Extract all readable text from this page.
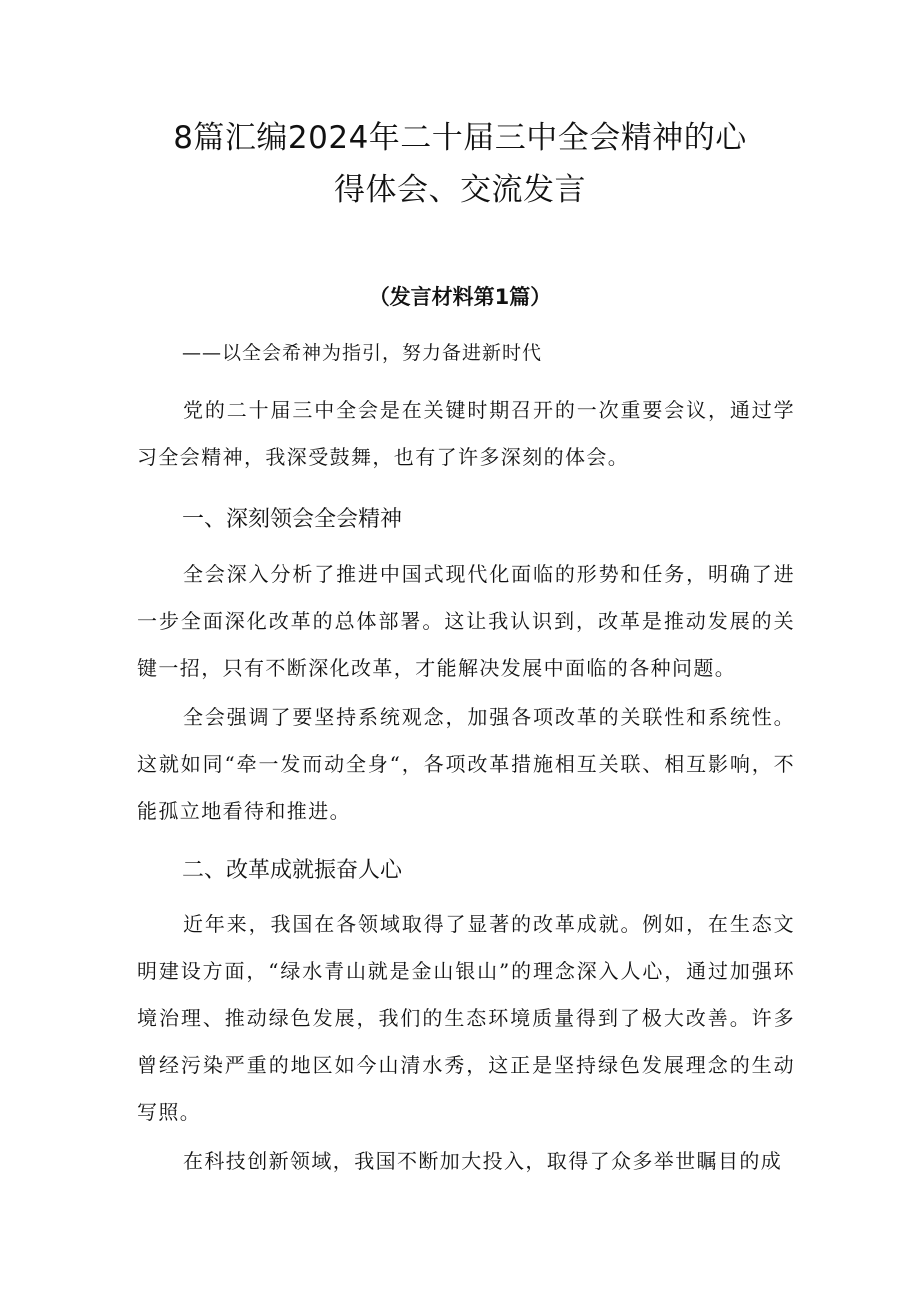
8篇汇编2024年二十届三中全会精神的心
得体会、交流发言
（发言材料第1篇）
——以全会希神为指引，努力备进新时代

党的二十届三中全会是在关键时期召开的一次重要会议，通过学习全会精神，我深受鼓舞，也有了许多深刻的体会。

一、深刻领会全会精神

全会深入分析了推进中国式现代化面临的形势和任务，明确了进一步全面深化改革的总体部署。这让我认识到，改革是推动发展的关键一招，只有不断深化改革，才能解决发展中面临的各种问题。

全会强调了要坚持系统观念，加强各项改革的关联性和系统性。这就如同“牵一发而动全身“，各项改革措施相互关联、相互影响，不能孤立地看待和推进。

二、改革成就振奋人心

近年来，我国在各领域取得了显著的改革成就。例如，在生态文明建设方面，“绿水青山就是金山银山”的理念深入人心，通过加强环境治理、推动绿色发展，我们的生态环境质量得到了极大改善。许多曾经污染严重的地区如今山清水秀，这正是坚持绿色发展理念的生动写照。

在科技创新领域，我国不断加大投入，取得了众多举世瞩目的成
